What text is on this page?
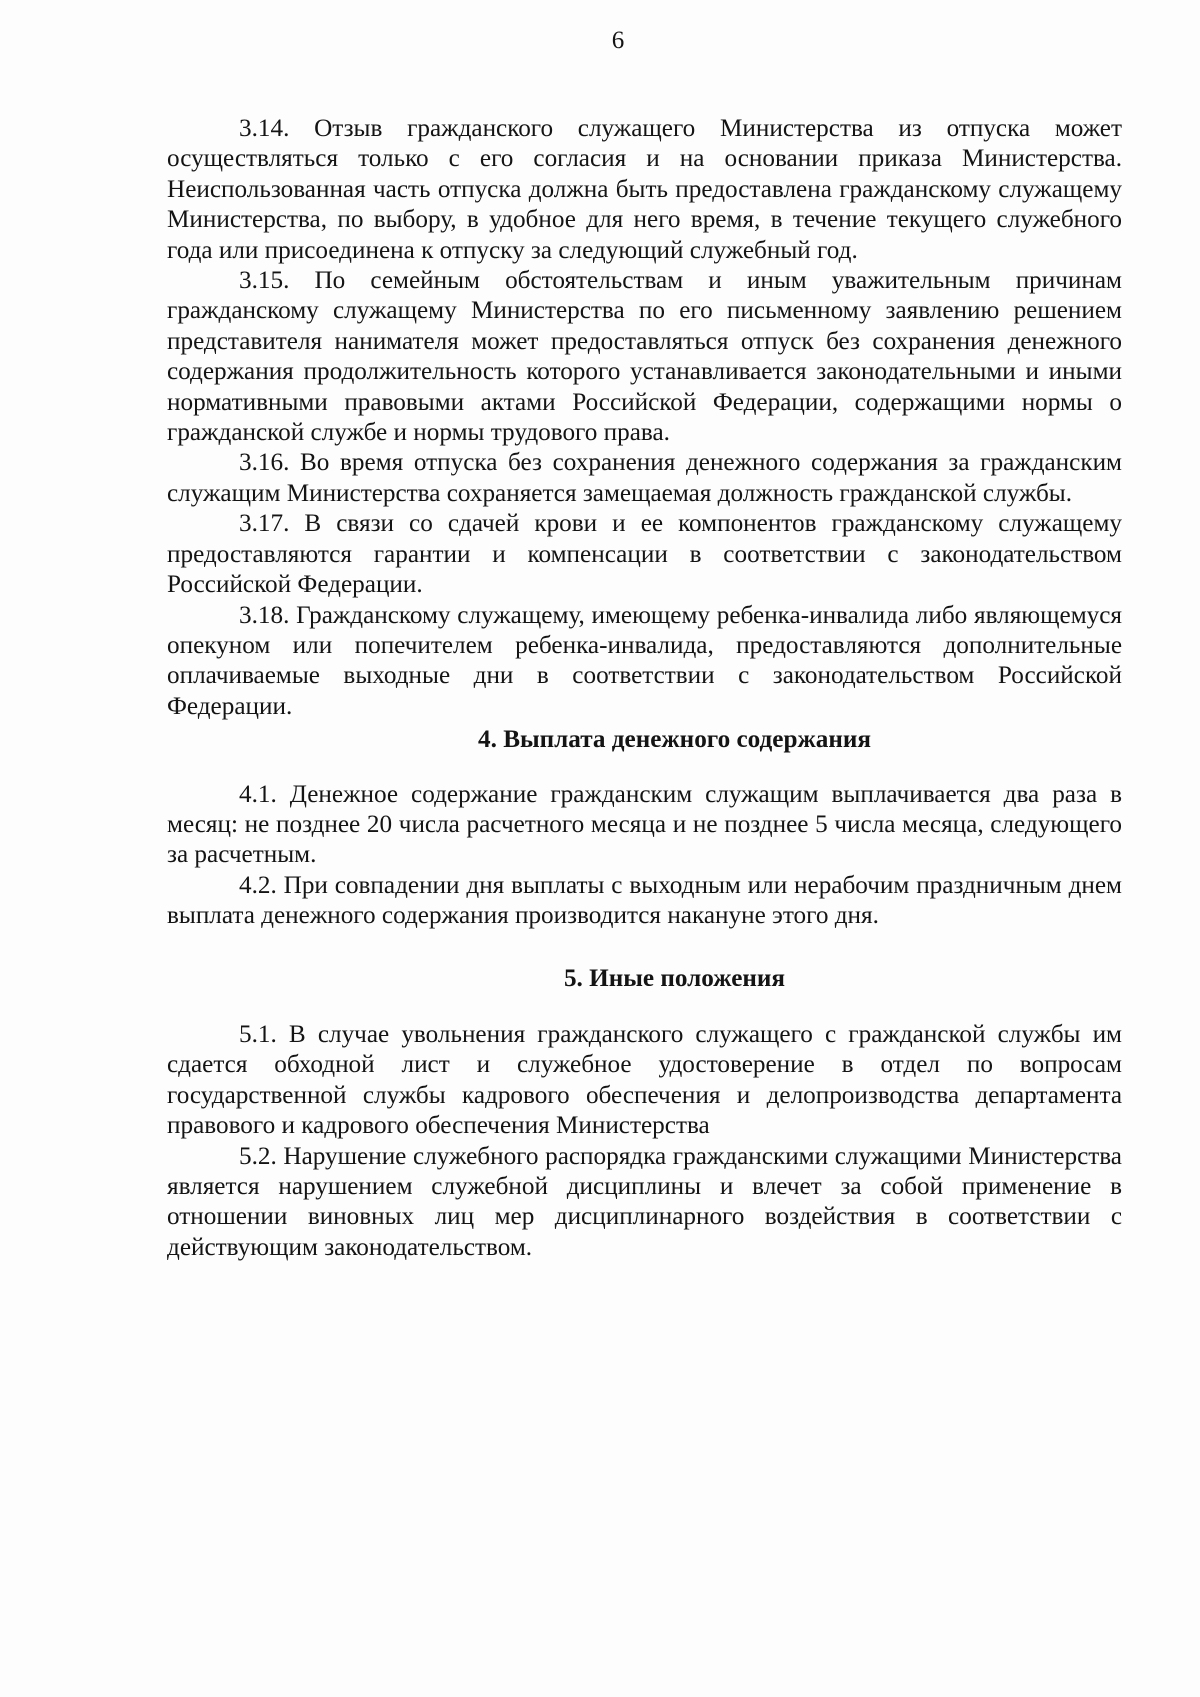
6

3.14. Отзыв гражданского служащего Министерства из отпуска может осуществляться только с его согласия и на основании приказа Министерства. Неиспользованная часть отпуска должна быть предоставлена гражданскому служащему Министерства, по выбору, в удобное для него время, в течение текущего служебного года или присоединена к отпуску за следующий служебный год.

3.15. По семейным обстоятельствам и иным уважительным причинам гражданскому служащему Министерства по его письменному заявлению решением представителя нанимателя может предоставляться отпуск без сохранения денежного содержания продолжительность которого устанавливается законодательными и иными нормативными правовыми актами Российской Федерации, содержащими нормы о гражданской службе и нормы трудового права.

3.16. Во время отпуска без сохранения денежного содержания за гражданским служащим Министерства сохраняется замещаемая должность гражданской службы.

3.17. В связи со сдачей крови и ее компонентов гражданскому служащему предоставляются гарантии и компенсации в соответствии с законодательством Российской Федерации.

3.18. Гражданскому служащему, имеющему ребенка-инвалида либо являющемуся опекуном или попечителем ребенка-инвалида, предоставляются дополнительные оплачиваемые выходные дни в соответствии с законодательством Российской Федерации.

4. Выплата денежного содержания

4.1. Денежное содержание гражданским служащим выплачивается два раза в месяц: не позднее 20 числа расчетного месяца и не позднее 5 числа месяца, следующего за расчетным.

4.2. При совпадении дня выплаты с выходным или нерабочим праздничным днем выплата денежного содержания производится накануне этого дня.

5. Иные положения

5.1. В случае увольнения гражданского служащего с гражданской службы им сдается обходной лист и служебное удостоверение в отдел по вопросам государственной службы кадрового обеспечения и делопроизводства департамента правового и кадрового обеспечения Министерства

5.2. Нарушение служебного распорядка гражданскими служащими Министерства является нарушением служебной дисциплины и влечет за собой применение в отношении виновных лиц мер дисциплинарного воздействия в соответствии с действующим законодательством.
